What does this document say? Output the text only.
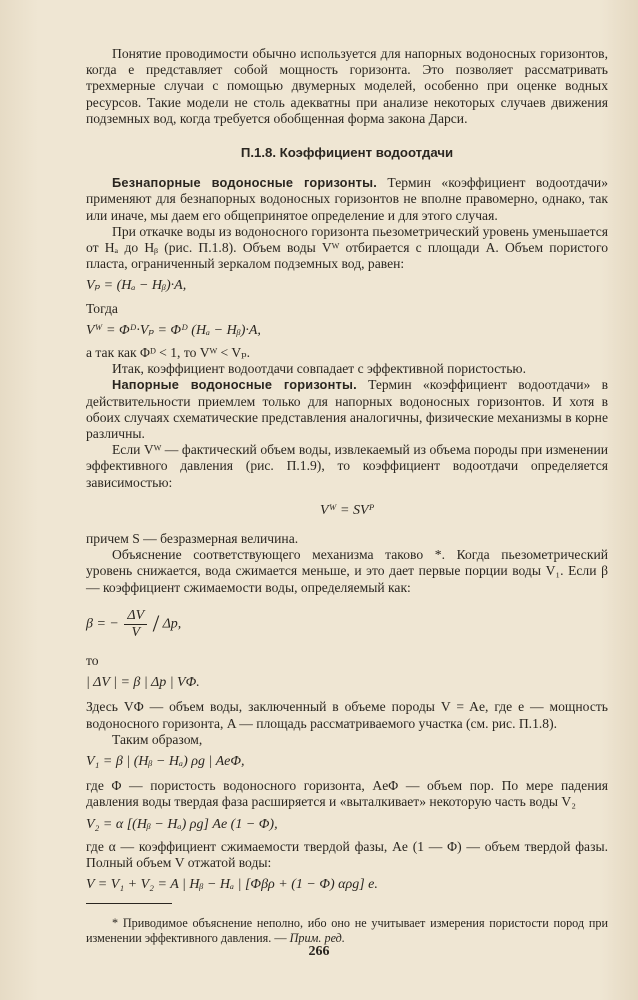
Понятие проводимости обычно используется для напорных водоносных горизонтов, когда e представляет собой мощность горизонта. Это позволяет рассматривать трехмерные случаи с помощью двумерных моделей, особенно при оценке водных ресурсов. Такие модели не столь адекватны при анализе некоторых случаев движения подземных вод, когда требуется обобщенная форма закона Дарси.

П.1.8. Коэффициент водоотдачи

Безнапорные водоносные горизонты. Термин «коэффициент водоотдачи» применяют для безнапорных водоносных горизонтов не вполне правомерно, однако, так или иначе, мы даем его общепринятое определение и для этого случая.

При откачке воды из водоносного горизонта пьезометрический уровень уменьшается от Hₐ до Hᵦ (рис. П.1.8). Объем воды Vᵂ отбирается с площади A. Объем пористого пласта, ограниченный зеркалом подземных вод, равен:

Vₚ = (Hₐ − Hᵦ)·A,

Тогда

Vᵂ = Φᴰ·Vₚ = Φᴰ (Hₐ − Hᵦ)·A,

а так как Φᴰ < 1, то Vᵂ < Vₚ.

Итак, коэффициент водоотдачи совпадает с эффективной пористостью.

Напорные водоносные горизонты. Термин «коэффициент водоотдачи» в действительности приемлем только для напорных водоносных горизонтов. И хотя в обоих случаях схематические представления аналогичны, физические механизмы в корне различны.

Если Vᵂ — фактический объем воды, извлекаемый из объема породы при изменении эффективного давления (рис. П.1.9), то коэффициент водоотдачи определяется зависимостью:

Vᵂ = SVᴾ

причем S — безразмерная величина.

Объяснение соответствующего механизма таково *. Когда пьезометрический уровень снижается, вода сжимается меньше, и это дает первые порции воды V₁. Если β — коэффициент сжимаемости воды, определяемый как:

β = − $\frac{\Delta V}{V}$ / Δp,

то

| ΔV | = β | Δp | VΦ.

Здесь VΦ — объем воды, заключенный в объеме породы V = Ae, где e — мощность водоносного горизонта, A — площадь рассматриваемого участка (см. рис. П.1.8).

Таким образом,

V₁ = β | (Hᵦ − Hₐ) ρg | AeΦ,

где Φ — пористость водоносного горизонта, AeΦ — объем пор. По мере падения давления воды твердая фаза расширяется и «выталкивает» некоторую часть воды V₂

V₂ = α [(Hᵦ − Hₐ) ρg] Ae (1 − Φ),

где α — коэффициент сжимаемости твердой фазы, Ae (1 — Φ) — объем твердой фазы. Полный объем V отжатой воды:

V = V₁ + V₂ = A | Hᵦ − Hₐ | [Φβρ + (1 − Φ) αρg] e.

* Приводимое объяснение неполно, ибо оно не учитывает измерения пористости пород при изменении эффективного давления. — Прим. ред.

266
